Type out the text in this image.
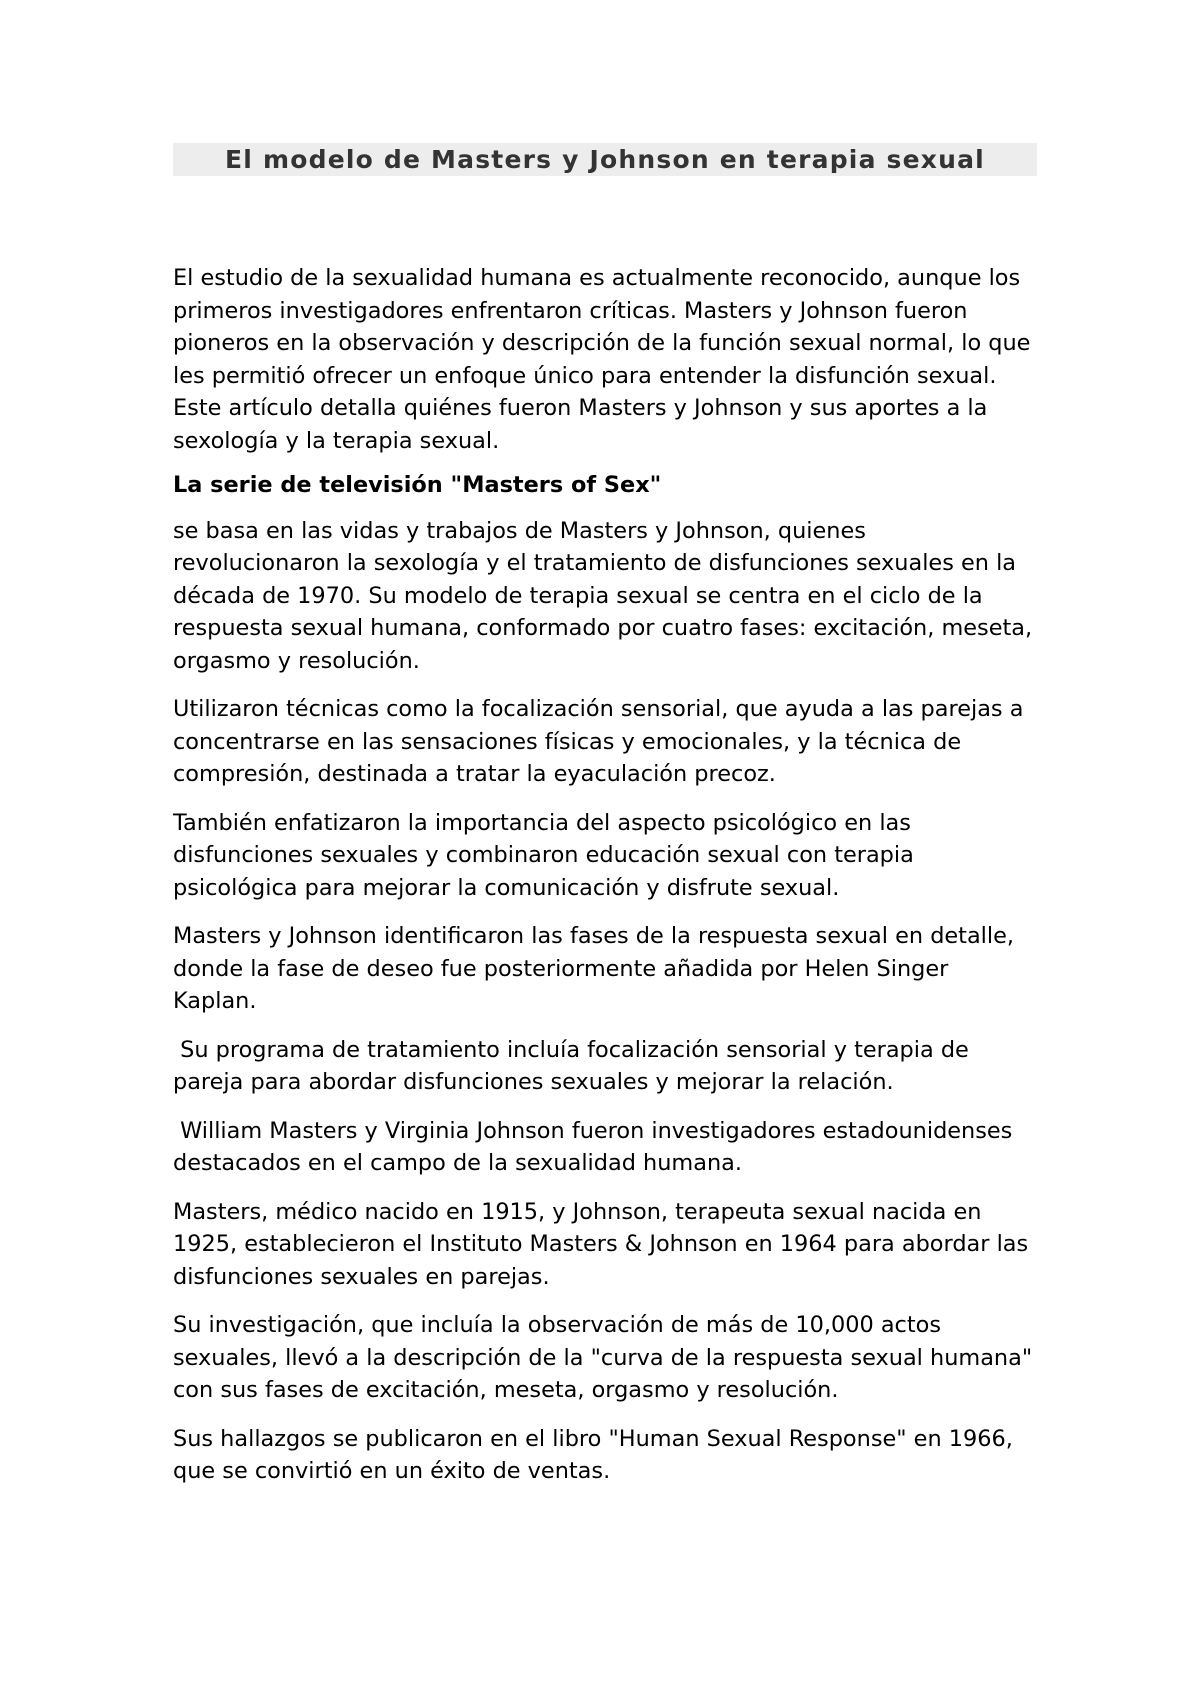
El modelo de Masters y Johnson en terapia sexual

El estudio de la sexualidad humana es actualmente reconocido, aunque los primeros investigadores enfrentaron críticas. Masters y Johnson fueron pioneros en la observación y descripción de la función sexual normal, lo que les permitió ofrecer un enfoque único para entender la disfunción sexual. Este artículo detalla quiénes fueron Masters y Johnson y sus aportes a la sexología y la terapia sexual.

La serie de televisión "Masters of Sex"

se basa en las vidas y trabajos de Masters y Johnson, quienes revolucionaron la sexología y el tratamiento de disfunciones sexuales en la década de 1970. Su modelo de terapia sexual se centra en el ciclo de la respuesta sexual humana, conformado por cuatro fases: excitación, meseta, orgasmo y resolución.

Utilizaron técnicas como la focalización sensorial, que ayuda a las parejas a concentrarse en las sensaciones físicas y emocionales, y la técnica de compresión, destinada a tratar la eyaculación precoz.

También enfatizaron la importancia del aspecto psicológico en las disfunciones sexuales y combinaron educación sexual con terapia psicológica para mejorar la comunicación y disfrute sexual.

Masters y Johnson identificaron las fases de la respuesta sexual en detalle, donde la fase de deseo fue posteriormente añadida por Helen Singer Kaplan.

Su programa de tratamiento incluía focalización sensorial y terapia de pareja para abordar disfunciones sexuales y mejorar la relación.

William Masters y Virginia Johnson fueron investigadores estadounidenses destacados en el campo de la sexualidad humana.

Masters, médico nacido en 1915, y Johnson, terapeuta sexual nacida en 1925, establecieron el Instituto Masters & Johnson en 1964 para abordar las disfunciones sexuales en parejas.

Su investigación, que incluía la observación de más de 10,000 actos sexuales, llevó a la descripción de la "curva de la respuesta sexual humana" con sus fases de excitación, meseta, orgasmo y resolución.

Sus hallazgos se publicaron en el libro "Human Sexual Response" en 1966, que se convirtió en un éxito de ventas.
